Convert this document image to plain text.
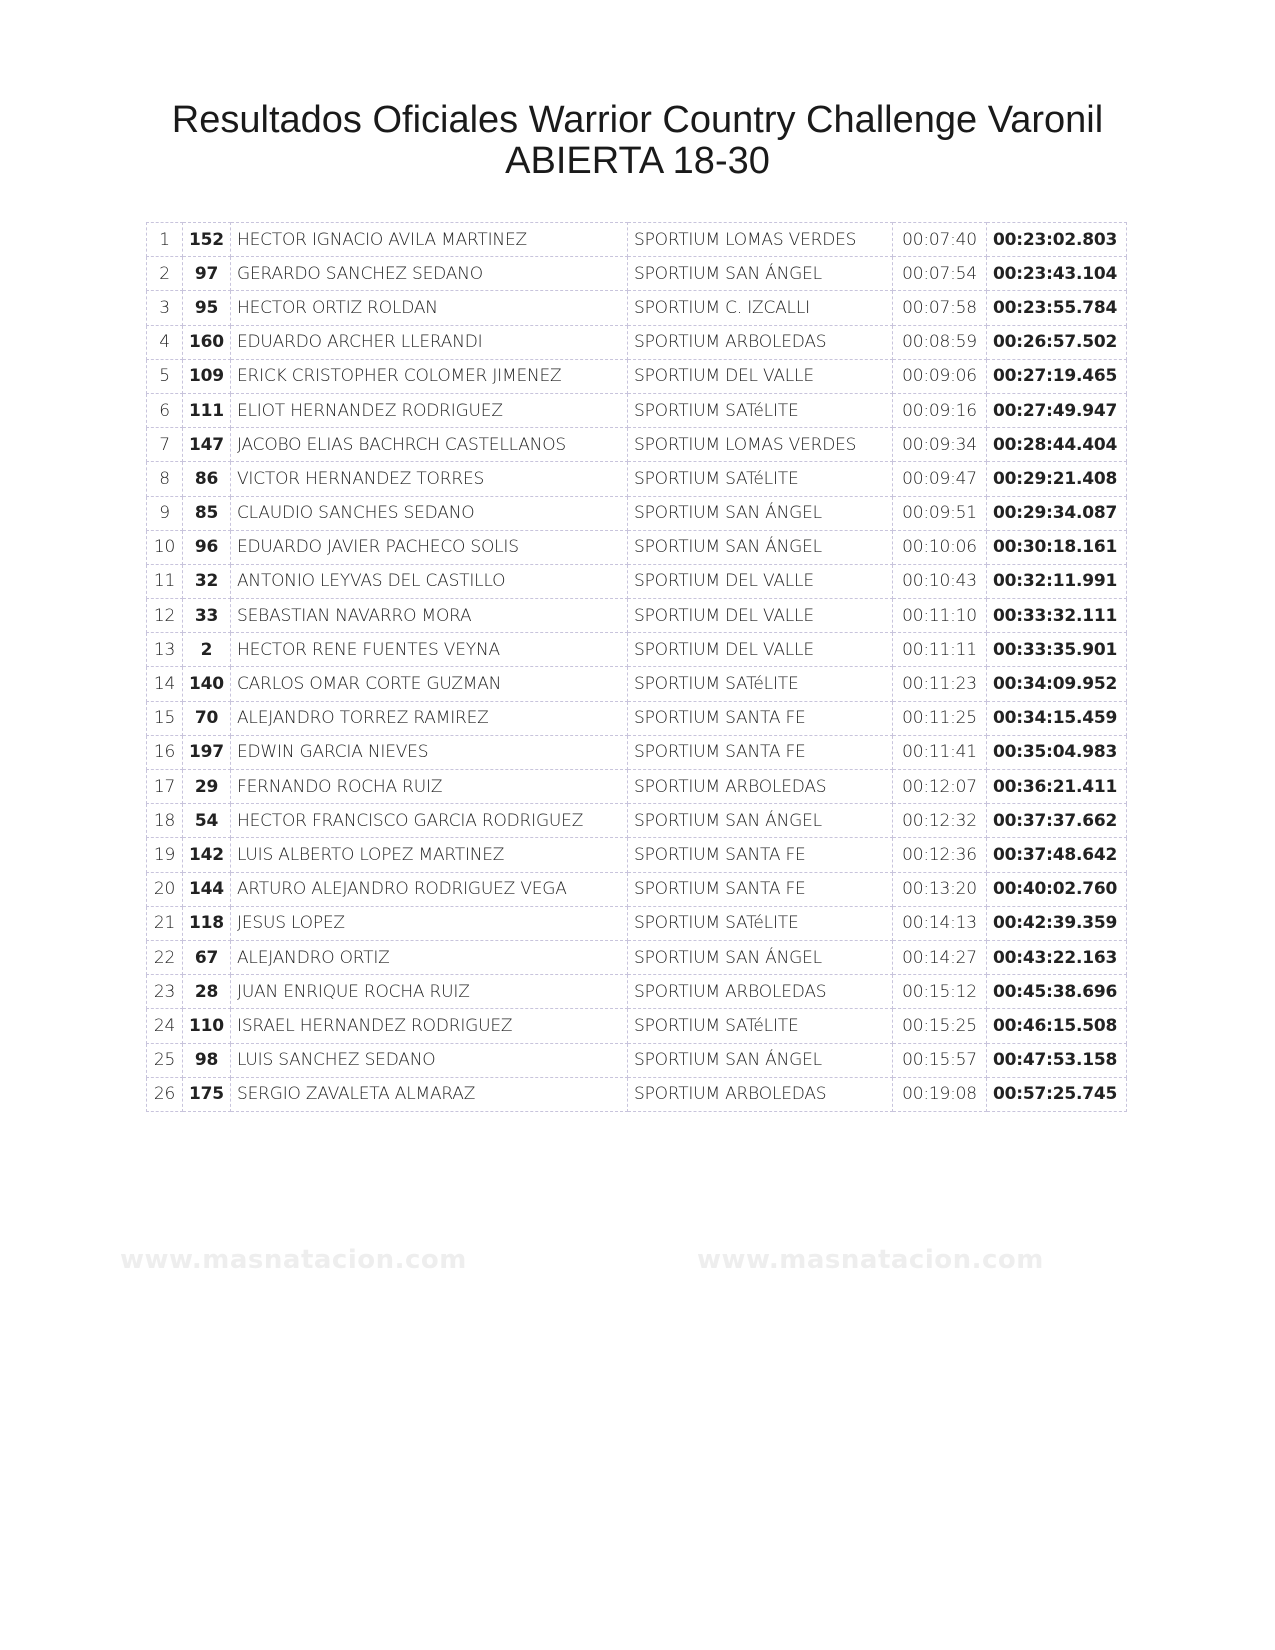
Resultados Oficiales Warrior Country Challenge Varonil
ABIERTA 18-30
1	152	HECTOR IGNACIO AVILA MARTINEZ	SPORTIUM LOMAS VERDES	00:07:40	00:23:02.803
2	97	GERARDO SANCHEZ SEDANO	SPORTIUM SAN ÁNGEL	00:07:54	00:23:43.104
3	95	HECTOR ORTIZ ROLDAN	SPORTIUM C. IZCALLI	00:07:58	00:23:55.784
4	160	EDUARDO ARCHER LLERANDI	SPORTIUM ARBOLEDAS	00:08:59	00:26:57.502
5	109	ERICK CRISTOPHER COLOMER JIMENEZ	SPORTIUM DEL VALLE	00:09:06	00:27:19.465
6	111	ELIOT HERNANDEZ RODRIGUEZ	SPORTIUM SATéLITE	00:09:16	00:27:49.947
7	147	JACOBO ELIAS BACHRCH CASTELLANOS	SPORTIUM LOMAS VERDES	00:09:34	00:28:44.404
8	86	VICTOR HERNANDEZ TORRES	SPORTIUM SATéLITE	00:09:47	00:29:21.408
9	85	CLAUDIO SANCHES SEDANO	SPORTIUM SAN ÁNGEL	00:09:51	00:29:34.087
10	96	EDUARDO JAVIER PACHECO SOLIS	SPORTIUM SAN ÁNGEL	00:10:06	00:30:18.161
11	32	ANTONIO LEYVAS DEL CASTILLO	SPORTIUM DEL VALLE	00:10:43	00:32:11.991
12	33	SEBASTIAN NAVARRO MORA	SPORTIUM DEL VALLE	00:11:10	00:33:32.111
13	2	HECTOR RENE FUENTES VEYNA	SPORTIUM DEL VALLE	00:11:11	00:33:35.901
14	140	CARLOS OMAR CORTE GUZMAN	SPORTIUM SATéLITE	00:11:23	00:34:09.952
15	70	ALEJANDRO TORREZ RAMIREZ	SPORTIUM SANTA FE	00:11:25	00:34:15.459
16	197	EDWIN GARCIA NIEVES	SPORTIUM SANTA FE	00:11:41	00:35:04.983
17	29	FERNANDO ROCHA RUIZ	SPORTIUM ARBOLEDAS	00:12:07	00:36:21.411
18	54	HECTOR FRANCISCO GARCIA RODRIGUEZ	SPORTIUM SAN ÁNGEL	00:12:32	00:37:37.662
19	142	LUIS ALBERTO LOPEZ MARTINEZ	SPORTIUM SANTA FE	00:12:36	00:37:48.642
20	144	ARTURO ALEJANDRO RODRIGUEZ VEGA	SPORTIUM SANTA FE	00:13:20	00:40:02.760
21	118	JESUS LOPEZ	SPORTIUM SATéLITE	00:14:13	00:42:39.359
22	67	ALEJANDRO ORTIZ	SPORTIUM SAN ÁNGEL	00:14:27	00:43:22.163
23	28	JUAN ENRIQUE ROCHA RUIZ	SPORTIUM ARBOLEDAS	00:15:12	00:45:38.696
24	110	ISRAEL HERNANDEZ RODRIGUEZ	SPORTIUM SATéLITE	00:15:25	00:46:15.508
25	98	LUIS SANCHEZ SEDANO	SPORTIUM SAN ÁNGEL	00:15:57	00:47:53.158
26	175	SERGIO ZAVALETA ALMARAZ	SPORTIUM ARBOLEDAS	00:19:08	00:57:25.745
www.masnatacion.com	www.masnatacion.com
